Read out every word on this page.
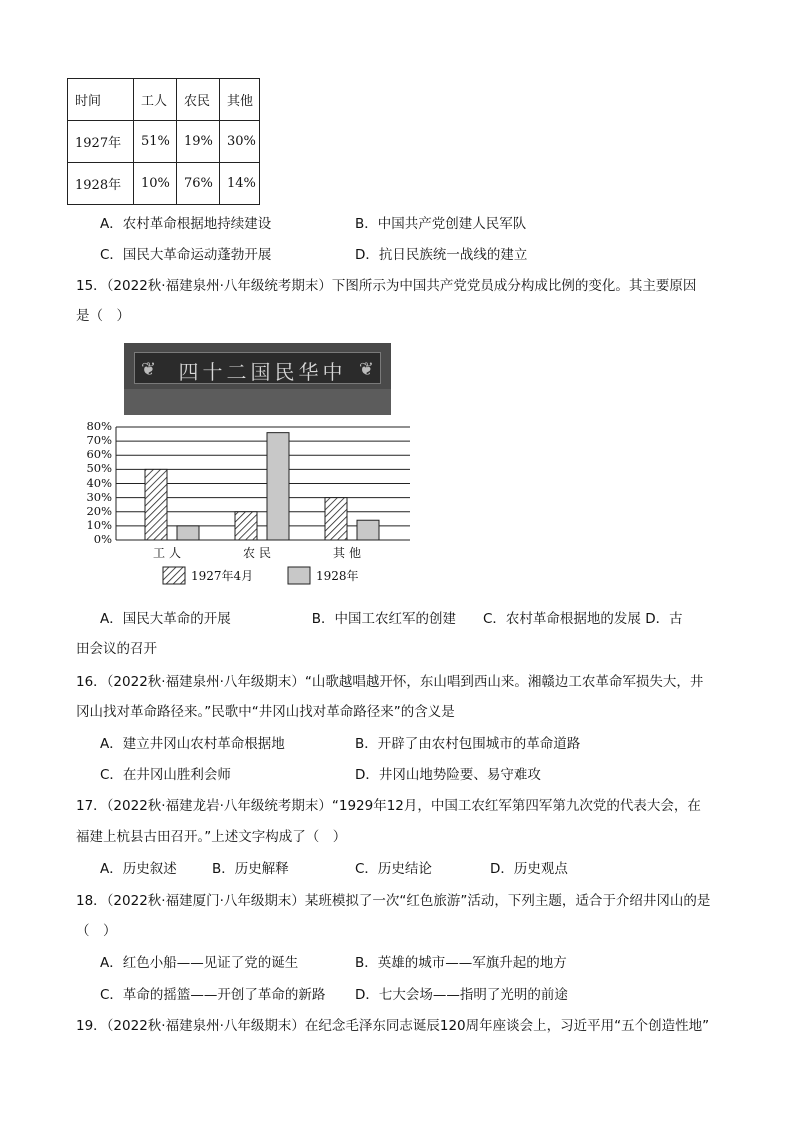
时间	工人	农民	其他
1927年	51%	19%	30%
1928年	10%	76%	14%
A．农村革命根据地持续建设	B．中国共产党创建人民军队
C．国民大革命运动蓬勃开展	D．抗日民族统一战线的建立
15．（2022秋·福建泉州·八年级统考期末）下图所示为中国共产党党员成分构成比例的变化。其主要原因
是（　）
❦	中华民国二十四	❦
80%
70%
60%
50%
40%
30%
20%
10%
0%
工人	农民	其他
1927年4月	1928年
A．国民大革命的开展　　　　　　B．中国工农红军的创建　　C．农村革命根据地的发展 D．古
田会议的召开
16．（2022秋·福建泉州·八年级期末）“山歌越唱越开怀，东山唱到西山来。湘赣边工农革命军损失大，井
冈山找对革命路径来。”民歌中“井冈山找对革命路径来”的含义是
A．建立井冈山农村革命根据地	B．开辟了由农村包围城市的革命道路
C．在井冈山胜利会师	D．井冈山地势险要、易守难攻
17．（2022秋·福建龙岩·八年级统考期末）“1929年12月，中国工农红军第四军第九次党的代表大会，在
福建上杭县古田召开。”上述文字构成了（　）
A．历史叙述	B．历史解释	C．历史结论	D．历史观点
18．（2022秋·福建厦门·八年级期末）某班模拟了一次“红色旅游”活动，下列主题，适合于介绍井冈山的是
（　）
A．红色小船——见证了党的诞生	B．英雄的城市——军旗升起的地方
C．革命的摇篮——开创了革命的新路 D．七大会场——指明了光明的前途
19．（2022秋·福建泉州·八年级期末）在纪念毛泽东同志诞辰120周年座谈会上，习近平用“五个创造性地”
